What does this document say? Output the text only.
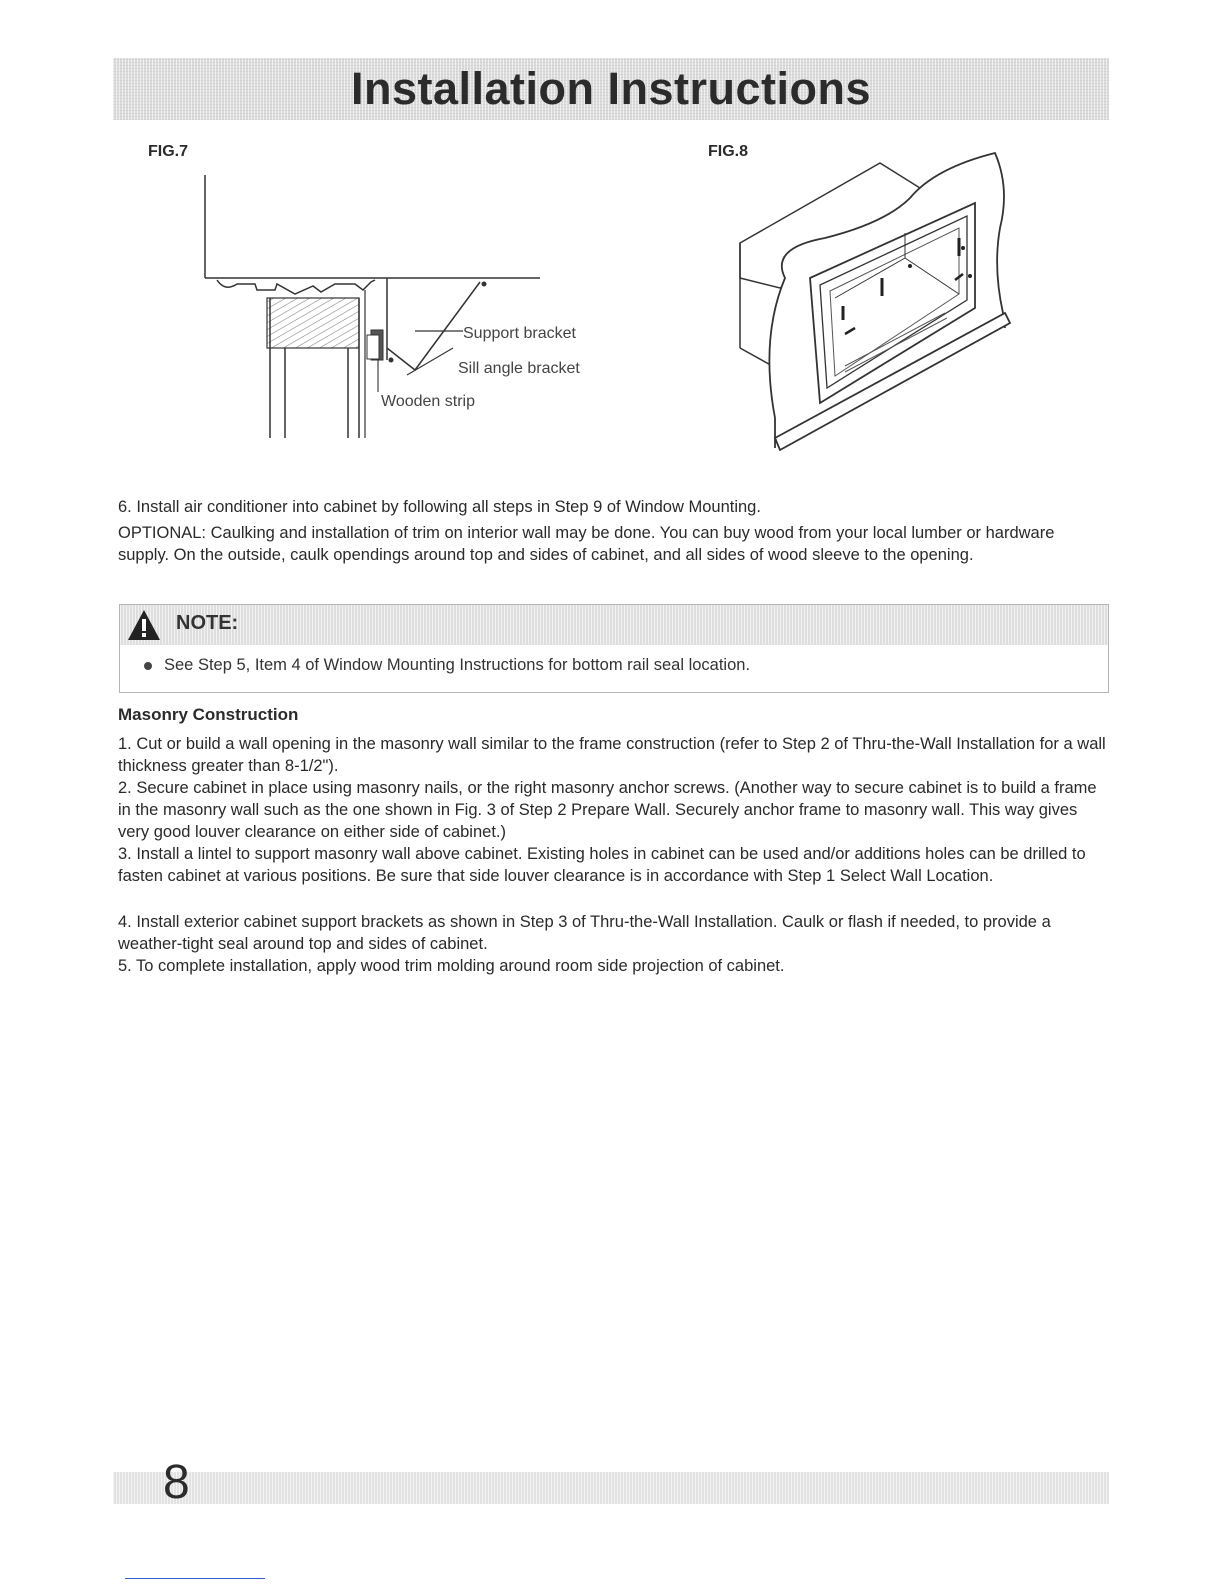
Installation Instructions
FIG.7
Support bracket
Sill angle bracket
Wooden strip
FIG.8

6. Install air conditioner into cabinet by following all steps in Step 9 of Window Mounting.

OPTIONAL: Caulking and installation of trim on interior wall may be done. You can buy wood from your local lumber or hardware supply. On the outside, caulk opendings around top and sides of cabinet, and all sides of wood sleeve to the opening.

NOTE:
See Step 5, Item 4 of Window Mounting Instructions for bottom rail seal location.
Masonry Construction

1. Cut or build a wall opening in the masonry wall similar to the frame construction (refer to Step 2 of Thru-the-Wall Installation for a wall thickness greater than 8-1/2").

2. Secure cabinet in place using masonry nails, or the right masonry anchor screws. (Another way to secure cabinet is to build a frame in the masonry wall such as the one shown in Fig. 3 of Step 2 Prepare Wall. Securely anchor frame to masonry wall. This way gives very good louver clearance on either side of cabinet.)

3. Install a lintel to support masonry wall above cabinet. Existing holes in cabinet can be used and/or additions holes can be drilled to fasten cabinet at various positions. Be sure that side louver clearance is in accordance with Step 1 Select Wall Location.

4. Install exterior cabinet support brackets as shown in Step 3 of Thru-the-Wall Installation. Caulk or flash if needed, to provide a weather-tight seal around top and sides of cabinet.

5. To complete installation, apply wood trim molding around room side projection of cabinet.

8
